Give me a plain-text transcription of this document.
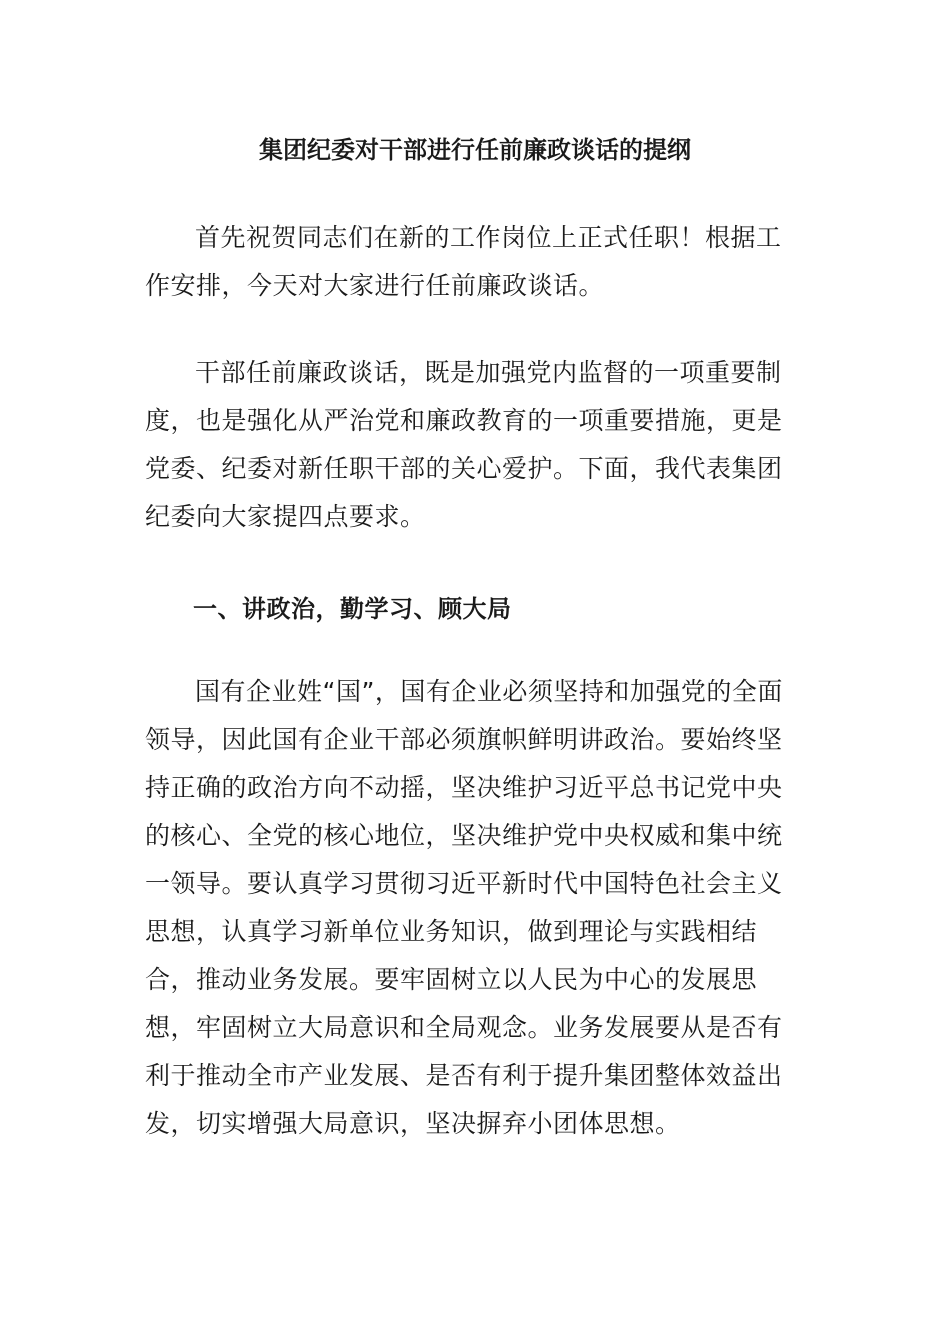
集团纪委对干部进行任前廉政谈话的提纲

首先祝贺同志们在新的工作岗位上正式任职！根据工作安排，今天对大家进行任前廉政谈话。

干部任前廉政谈话，既是加强党内监督的一项重要制度，也是强化从严治党和廉政教育的一项重要措施，更是党委、纪委对新任职干部的关心爱护。下面，我代表集团纪委向大家提四点要求。

一、讲政治，勤学习、顾大局

国有企业姓“国”，国有企业必须坚持和加强党的全面领导，因此国有企业干部必须旗帜鲜明讲政治。要始终坚持正确的政治方向不动摇，坚决维护习近平总书记党中央的核心、全党的核心地位，坚决维护党中央权威和集中统一领导。要认真学习贯彻习近平新时代中国特色社会主义思想，认真学习新单位业务知识，做到理论与实践相结合，推动业务发展。要牢固树立以人民为中心的发展思想，牢固树立大局意识和全局观念。业务发展要从是否有利于推动全市产业发展、是否有利于提升集团整体效益出发，切实增强大局意识，坚决摒弃小团体思想。
